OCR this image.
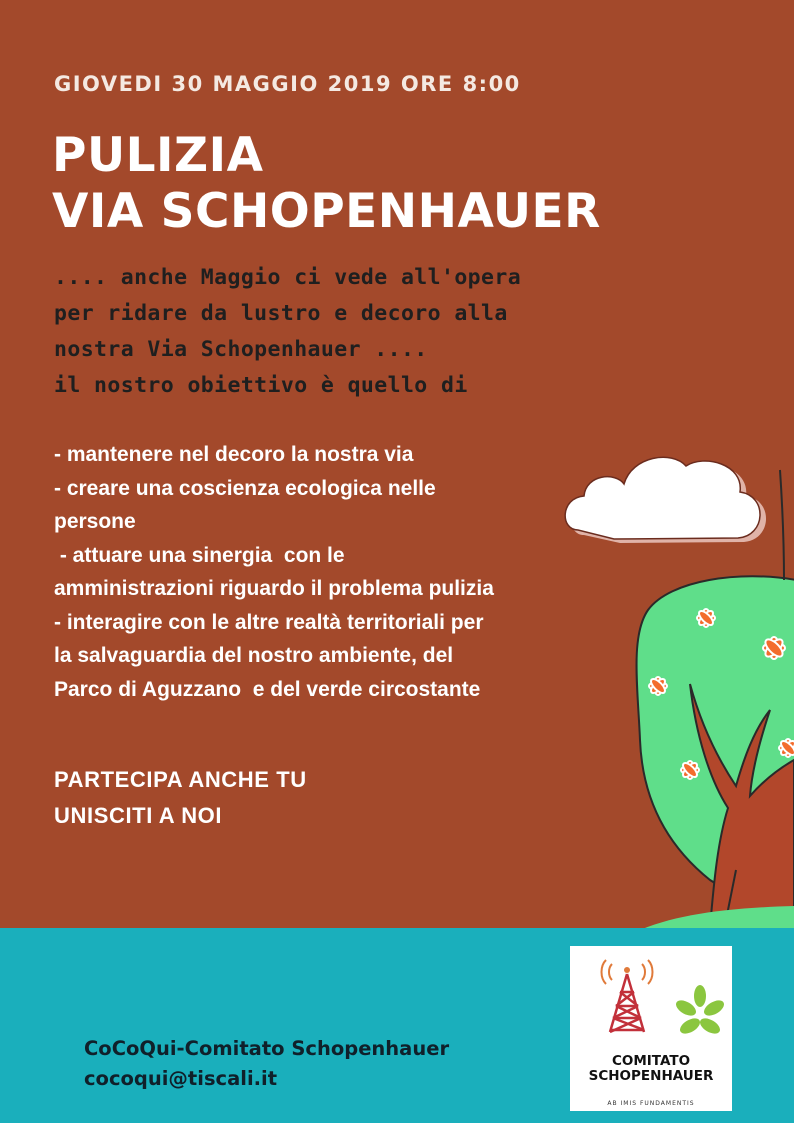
GIOVEDI 30 MAGGIO 2019 ORE 8:00
PULIZIA
VIA SCHOPENHAUER
.... anche Maggio ci vede all'opera
per ridare da lustro e decoro alla
nostra Via Schopenhauer ....
il nostro obiettivo è quello di
- mantenere nel decoro la nostra via
- creare una coscienza ecologica nelle
persone
- attuare una sinergia  con le
amministrazioni riguardo il problema pulizia
- interagire con le altre realtà territoriali per
la salvaguardia del nostro ambiente, del
Parco di Aguzzano  e del verde circostante
PARTECIPA ANCHE TU
UNISCITI A NOI
CoCoQui-Comitato Schopenhauer
cocoqui@tiscali.it
COMITATO
SCHOPENHAUER
AB IMIS FUNDAMENTIS
